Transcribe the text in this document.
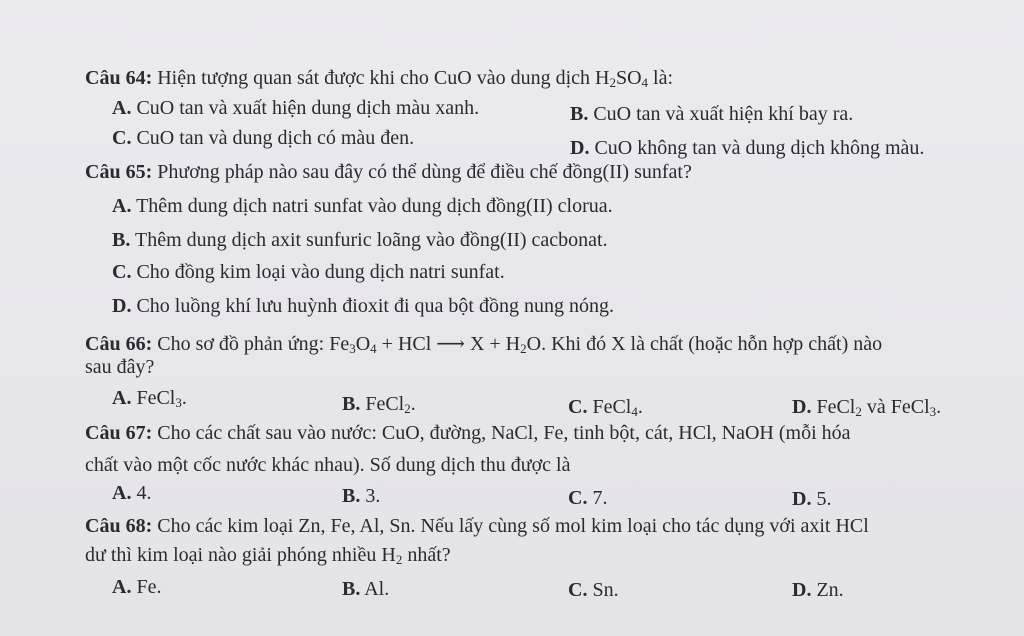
Câu 64: Hiện tượng quan sát được khi cho CuO vào dung dịch $H_2SO_4$ là:
A. CuO tan và xuất hiện dung dịch màu xanh.	B. CuO tan và xuất hiện khí bay ra.
C. CuO tan và dung dịch có màu đen.	D. CuO không tan và dung dịch không màu.
Câu 65: Phương pháp nào sau đây có thể dùng để điều chế đồng(II) sunfat?
A. Thêm dung dịch natri sunfat vào dung dịch đồng(II) clorua.
B. Thêm dung dịch axit sunfuric loãng vào đồng(II) cacbonat.
C. Cho đồng kim loại vào dung dịch natri sunfat.
D. Cho luồng khí lưu huỳnh đioxit đi qua bột đồng nung nóng.
Câu 66: Cho sơ đồ phản ứng: $Fe_3O_4$ + HCl ⟶ $X + H_2O$. Khi đó X là chất (hoặc hỗn hợp chất) nào
sau đây?
A. FeCl$_3$.	B. FeCl$_2$.	C. FeCl$_4$.	D. FeCl$_2$ và FeCl$_3$.
Câu 67: Cho các chất sau vào nước: CuO, đường, NaCl, Fe, tinh bột, cát, HCl, NaOH (mỗi hóa
chất vào một cốc nước khác nhau). Số dung dịch thu được là
A. 4.	B. 3.	C. 7.	D. 5.
Câu 68: Cho các kim loại Zn, Fe, Al, Sn. Nếu lấy cùng số mol kim loại cho tác dụng với axit HCl
dư thì kim loại nào giải phóng nhiều $H_2$ nhất?
A. Fe.	B. Al.	C. Sn.	D. Zn.
